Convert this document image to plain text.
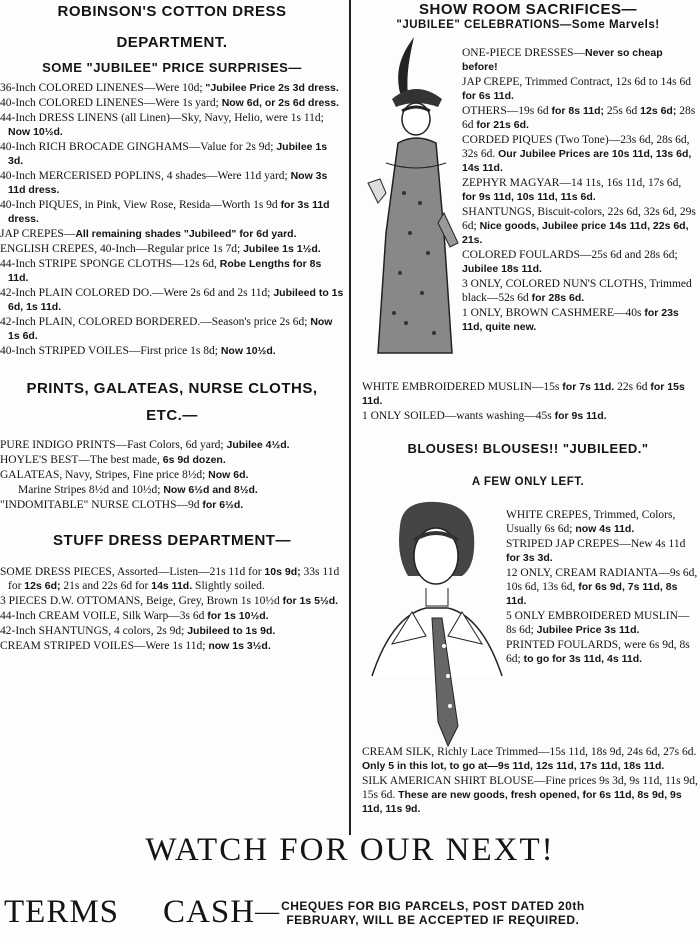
ROBINSON'S COTTON DRESS

DEPARTMENT.

SOME "JUBILEE" PRICE SURPRISES—

36-Inch COLORED LINENES—Were 10d; "Jubilee Price 2s 3d dress.

40-Inch COLORED LINENES—Were 1s yard; Now 6d, or 2s 6d dress.

44-Inch DRESS LINENS (all Linen)—Sky, Navy, Helio, were 1s 11d; Now 10½d.

40-Inch RICH BROCADE GINGHAMS—Value for 2s 9d; Jubilee 1s 3d.

40-Inch MERCERISED POPLINS, 4 shades—Were 11d yard; Now 3s 11d dress.

40-Inch PIQUES, in Pink, View Rose, Resida—Worth 1s 9d for 3s 11d dress.

JAP CREPES—All remaining shades "Jubileed" for 6d yard.

ENGLISH CREPES, 40-Inch—Regular price 1s 7d; Jubilee 1s 1½d.

44-Inch STRIPE SPONGE CLOTHS—12s 6d, Robe Lengths for 8s 11d.

42-Inch PLAIN COLORED DO.—Were 2s 6d and 2s 11d; Jubileed to 1s 6d, 1s 11d.

42-Inch PLAIN, COLORED BORDERED.—Season's price 2s 6d; Now 1s 6d.

40-Inch STRIPED VOILES—First price 1s 8d; Now 10½d.

PRINTS, GALATEAS, NURSE CLOTHS,

ETC.—

PURE INDIGO PRINTS—Fast Colors, 6d yard; Jubilee 4½d.

HOYLE'S BEST—The best made, 6s 9d dozen.

GALATEAS, Navy, Stripes, Fine price 8½d; Now 6d.

Marine Stripes 8½d and 10½d; Now 6½d and 8½d.

"INDOMITABLE" NURSE CLOTHS—9d for 6½d.

STUFF DRESS DEPARTMENT—

SOME DRESS PIECES, Assorted—Listen—21s 11d for 10s 9d; 33s 11d for 12s 6d; 21s and 22s 6d for 14s 11d. Slightly soiled.

3 PIECES D.W. OTTOMANS, Beige, Grey, Brown 1s 10½d for 1s 5½d.

44-Inch CREAM VOILE, Silk Warp—3s 6d for 1s 10½d.

42-Inch SHANTUNGS, 4 colors, 2s 9d; Jubileed to 1s 9d.

CREAM STRIPED VOILES—Were 1s 11d; now 1s 3½d.

SHOW ROOM SACRIFICES—

"JUBILEE" CELEBRATIONS—Some Marvels!

ONE-PIECE DRESSES—Never so cheap before!

JAP CREPE, Trimmed Contract, 12s 6d to 14s 6d for 6s 11d.

OTHERS—19s 6d for 8s 11d; 25s 6d 12s 6d; 28s 6d for 21s 6d.

CORDED PIQUES (Two Tone)—23s 6d, 28s 6d, 32s 6d. Our Jubilee Prices are 10s 11d, 13s 6d, 14s 11d.

ZEPHYR MAGYAR—14 11s, 16s 11d, 17s 6d, for 9s 11d, 10s 11d, 11s 6d.

SHANTUNGS, Biscuit-colors, 22s 6d, 32s 6d, 29s 6d; Nice goods, Jubilee price 14s 11d, 22s 6d, 21s.

COLORED FOULARDS—25s 6d and 28s 6d; Jubilee 18s 11d.

3 ONLY, COLORED NUN'S CLOTHS, Trimmed black—52s 6d for 28s 6d.

1 ONLY, BROWN CASHMERE—40s for 23s 11d, quite new.

WHITE EMBROIDERED MUSLIN—15s for 7s 11d. 22s 6d for 15s 11d.

1 ONLY SOILED—wants washing—45s for 9s 11d.

BLOUSES! BLOUSES!! "JUBILEED."

A FEW ONLY LEFT.

WHITE CREPES, Trimmed, Colors, Usually 6s 6d; now 4s 11d.

STRIPED JAP CREPES—New 4s 11d for 3s 3d.

12 ONLY, CREAM RADIANTA—9s 6d, 10s 6d, 13s 6d, for 6s 9d, 7s 11d, 8s 11d.

5 ONLY EMBROIDERED MUSLIN—8s 6d; Jubilee Price 3s 11d.

PRINTED FOULARDS, were 6s 9d, 8s 6d; to go for 3s 11d, 4s 11d.

CREAM SILK, Richly Lace Trimmed—15s 11d, 18s 9d, 24s 6d, 27s 6d. Only 5 in this lot, to go at—9s 11d, 12s 11d, 17s 11d, 18s 11d.

SILK AMERICAN SHIRT BLOUSE—Fine prices 9s 3d, 9s 11d, 11s 9d, 15s 6d. These are new goods, fresh opened, for 6s 11d, 8s 9d, 9s 11d, 11s 9d.

WATCH FOR OUR NEXT!
TERMS CASH — CHEQUES FOR BIG PARCELS, POST DATED 20th
FEBRUARY, WILL BE ACCEPTED IF REQUIRED.
